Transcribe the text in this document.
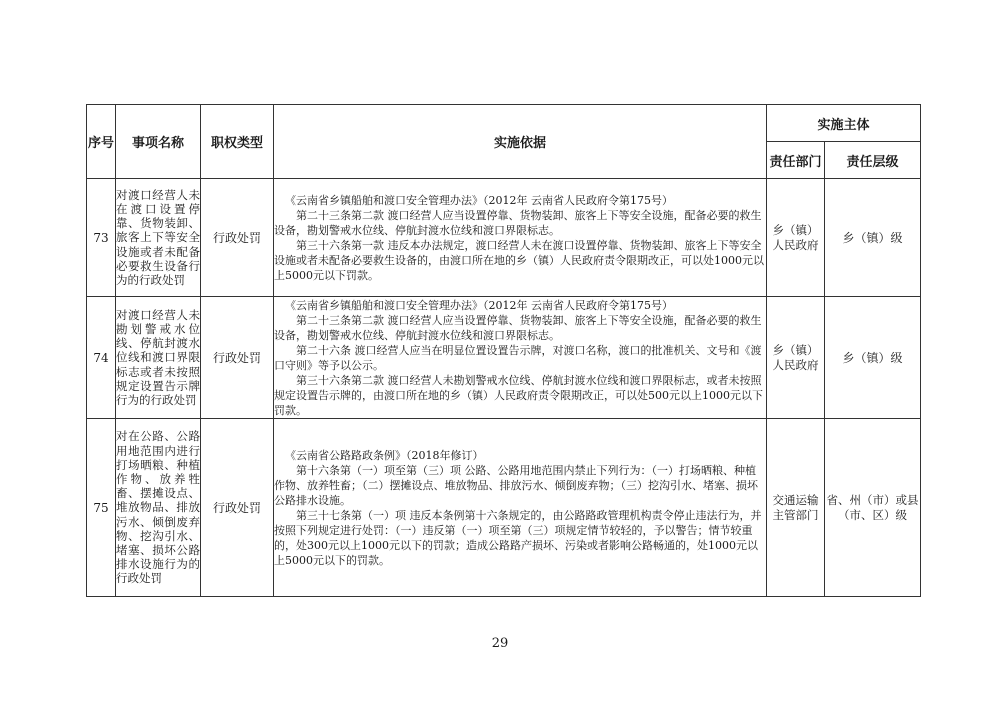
序号	事项名称	职权类型	实施依据	实施主体	
				责任部门	责任层级
73	对渡口经营人未在渡口设置停靠、货物装卸、旅客上下等安全设施或者未配备必要救生设备行为的行政处罚	行政处罚	《云南省乡镇船舶和渡口安全管理办法》（2012年 云南省人民政府令第175号）

第二十三条第二款 渡口经营人应当设置停靠、货物装卸、旅客上下等安全设施，配备必要的救生设备，勘划警戒水位线、停航封渡水位线和渡口界限标志。

第三十六条第一款 违反本办法规定，渡口经营人未在渡口设置停靠、货物装卸、旅客上下等安全设施或者未配备必要救生设备的，由渡口所在地的乡（镇）人民政府责令限期改正，可以处1000元以上5000元以下罚款。	乡（镇）人民政府	乡（镇）级
74	对渡口经营人未勘划警戒水位线、停航封渡水位线和渡口界限标志或者未按照规定设置告示牌行为的行政处罚	行政处罚	《云南省乡镇船舶和渡口安全管理办法》（2012年 云南省人民政府令第175号）

第二十三条第二款 渡口经营人应当设置停靠、货物装卸、旅客上下等安全设施，配备必要的救生设备，勘划警戒水位线、停航封渡水位线和渡口界限标志。

第二十六条 渡口经营人应当在明显位置设置告示牌，对渡口名称，渡口的批准机关、文号和《渡口守则》等予以公示。

第三十六条第二款 渡口经营人未勘划警戒水位线、停航封渡水位线和渡口界限标志，或者未按照规定设置告示牌的，由渡口所在地的乡（镇）人民政府责令限期改正，可以处500元以上1000元以下罚款。	乡（镇）人民政府	乡（镇）级
75	对在公路、公路用地范围内进行打场晒粮、种植作物、放养牲畜、摆摊设点、堆放物品、排放污水、倾倒废弃物、挖沟引水、堵塞、损坏公路排水设施行为的行政处罚	行政处罚	《云南省公路路政条例》（2018年修订）

第十六条第（一）项至第（三）项 公路、公路用地范围内禁止下列行为：（一）打场晒粮、种植作物、放养牲畜；（二）摆摊设点、堆放物品、排放污水、倾倒废弃物；（三）挖沟引水、堵塞、损坏公路排水设施。

第三十七条第（一）项 违反本条例第十六条规定的，由公路路政管理机构责令停止违法行为，并按照下列规定进行处罚：（一）违反第（一）项至第（三）项规定情节较轻的，予以警告；情节较重的，处300元以上1000元以下的罚款；造成公路路产损坏、污染或者影响公路畅通的，处1000元以上5000元以下的罚款。	交通运输主管部门	省、州（市）或县（市、区）级
29
